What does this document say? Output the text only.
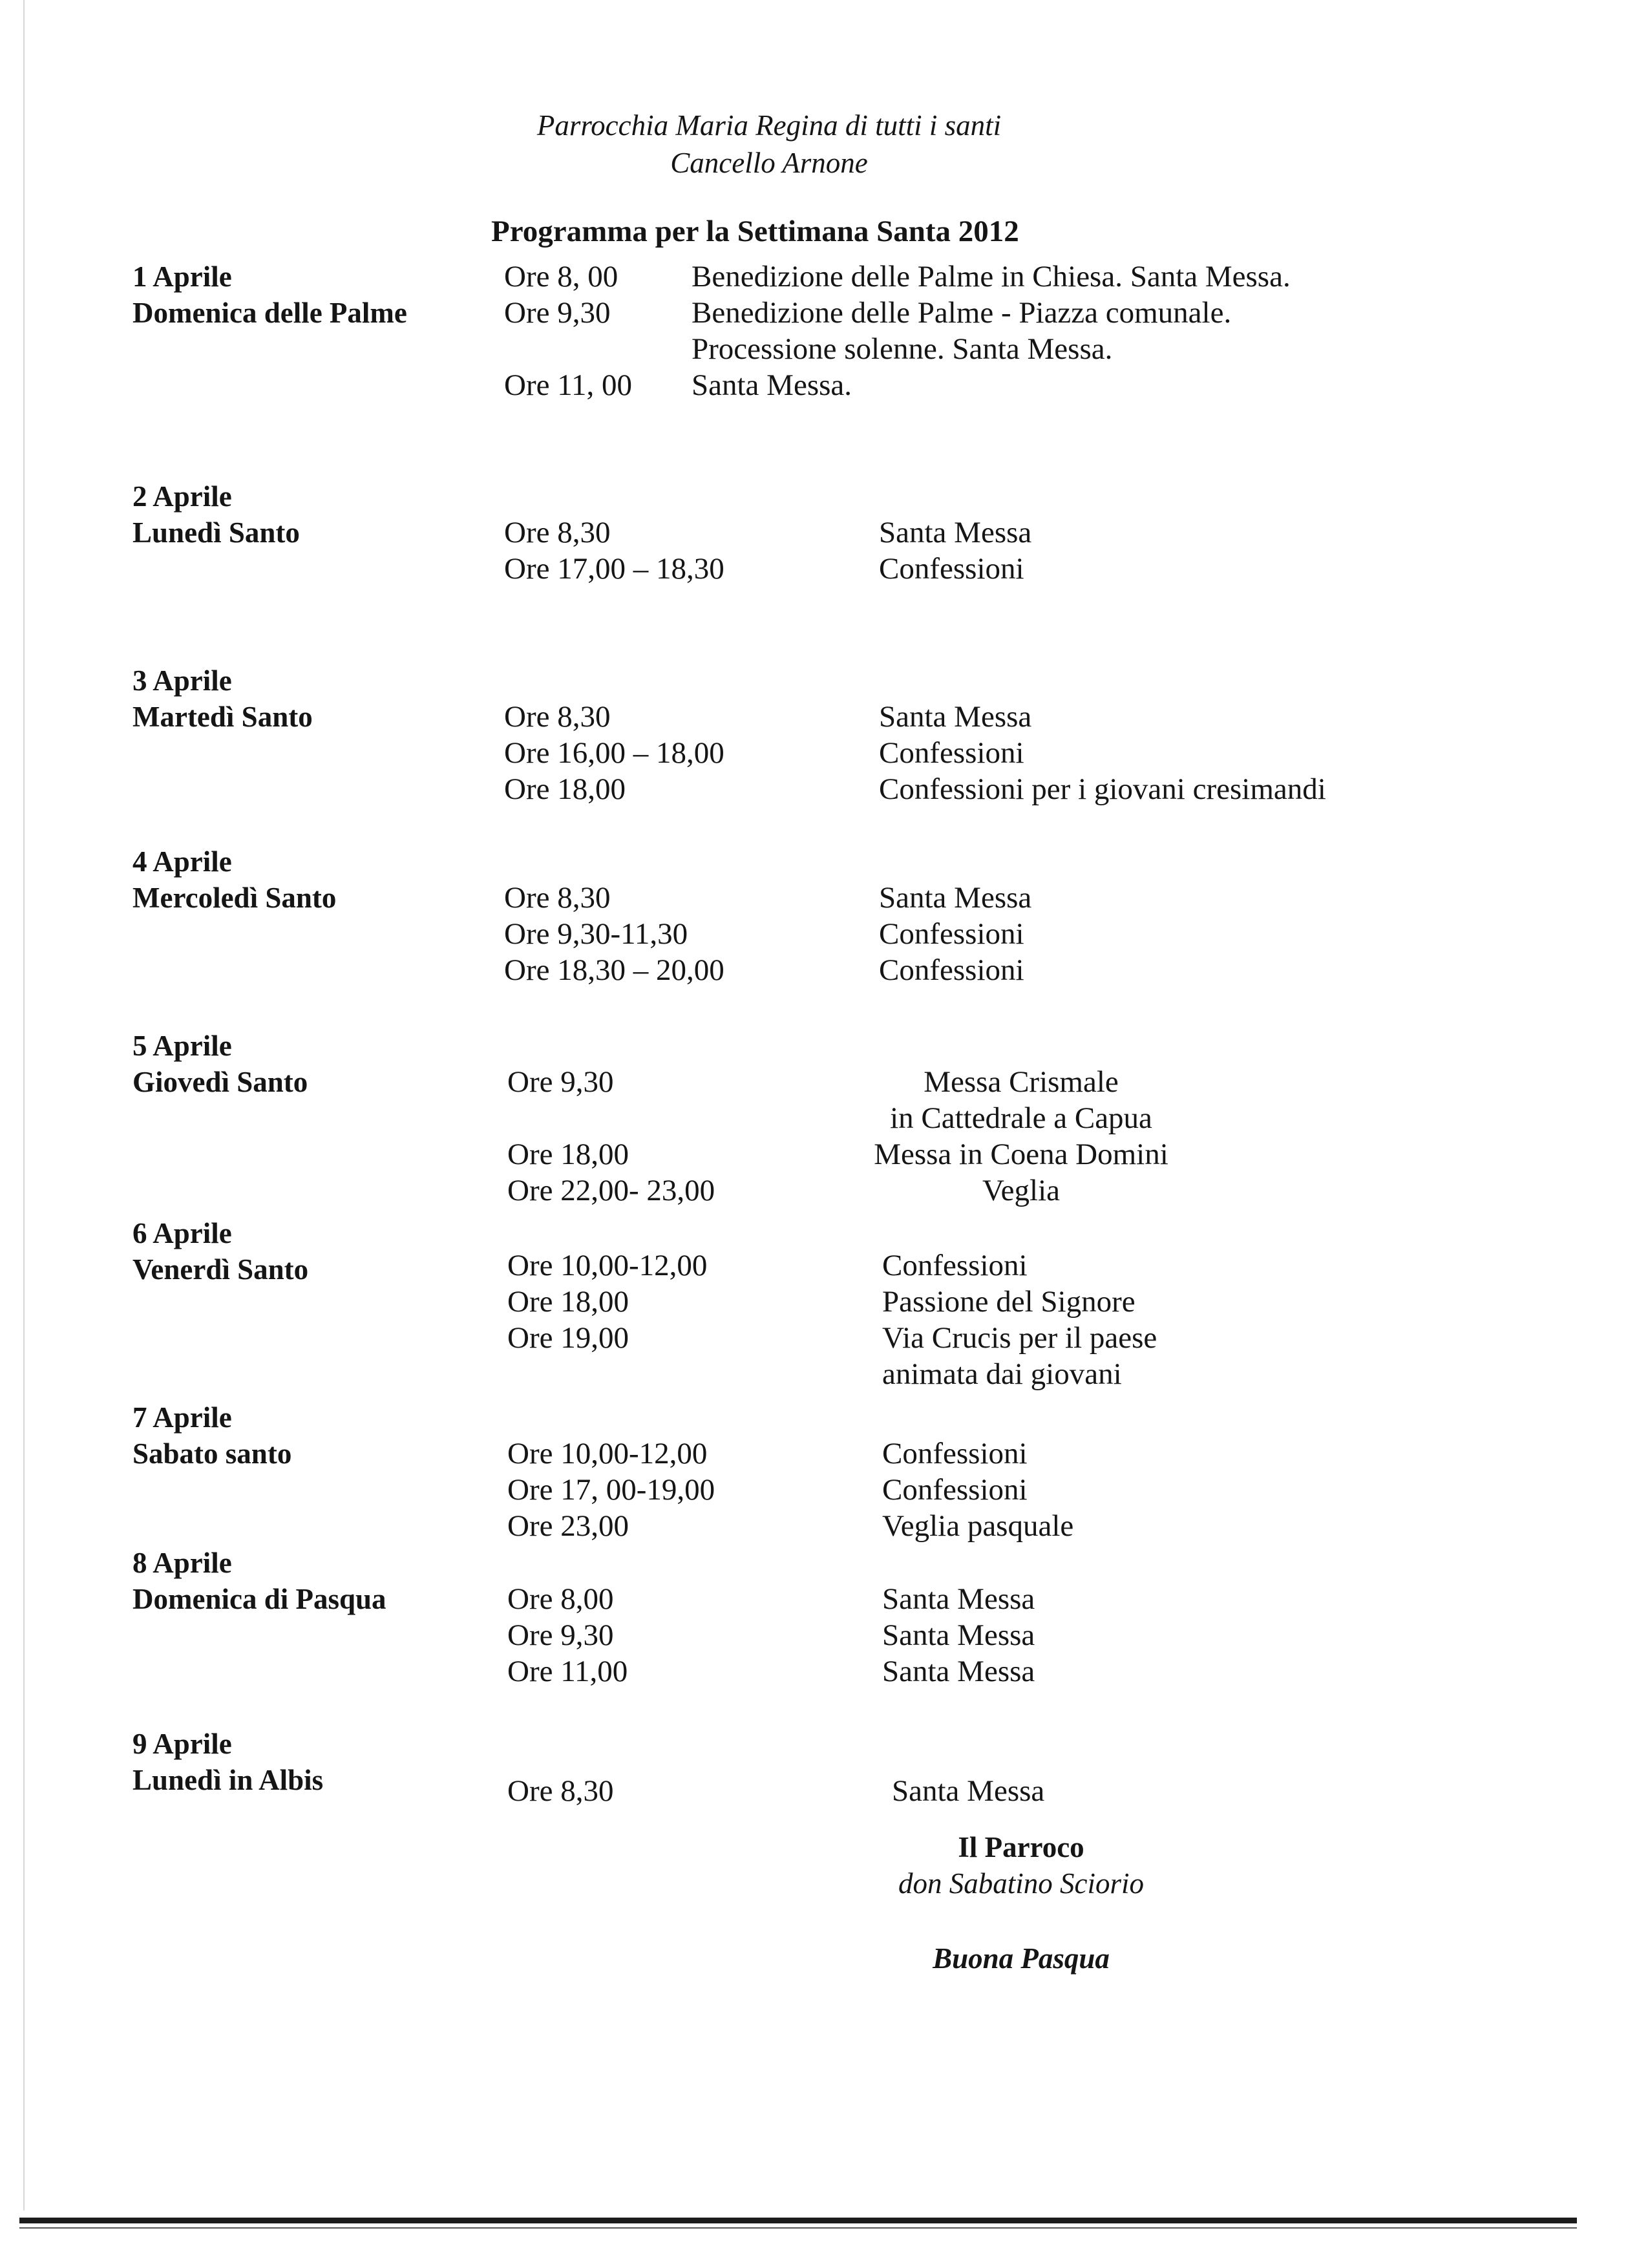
Parrocchia Maria Regina di tutti i santi
Cancello Arnone
Programma per la Settimana Santa 2012
1 Aprile
Domenica delle Palme
Ore 8, 00 Benedizione delle Palme in Chiesa. Santa Messa.
Ore 9,30	Benedizione delle Palme - Piazza comunale.
Processione solenne. Santa Messa.
Ore 11, 00 Santa Messa.
2 Aprile
Lunedì Santo	Ore 8,30	Santa Messa
Ore 17,00 – 18,30	Confessioni
3 Aprile
Martedì Santo	Ore 8,30	Santa Messa
Ore 16,00 – 18,00	Confessioni
Ore 18,00	Confessioni per i giovani cresimandi
4 Aprile
Mercoledì Santo	Ore 8,30	Santa Messa
Ore 9,30-11,30	Confessioni
Ore 18,30 – 20,00	Confessioni
5 Aprile
Giovedì Santo	Ore 9,30	Messa Crismale
in Cattedrale a Capua
Ore 18,00	Messa in Coena Domini
Ore 22,00- 23,00	Veglia
6 Aprile
Venerdì Santo	Ore 10,00-12,00	Confessioni
Ore 18,00	Passione del Signore
Ore 19,00	Via Crucis per il paese
animata dai giovani
7 Aprile
Sabato santo	Ore 10,00-12,00	Confessioni
Ore 17, 00-19,00	Confessioni
Ore 23,00	Veglia pasquale
8 Aprile
Domenica di Pasqua	Ore 8,00	Santa Messa
Ore 9,30	Santa Messa
Ore 11,00	Santa Messa
9 Aprile
Lunedì in Albis	Ore 8,30	Santa Messa
Il Parroco
don Sabatino Sciorio
Buona Pasqua
